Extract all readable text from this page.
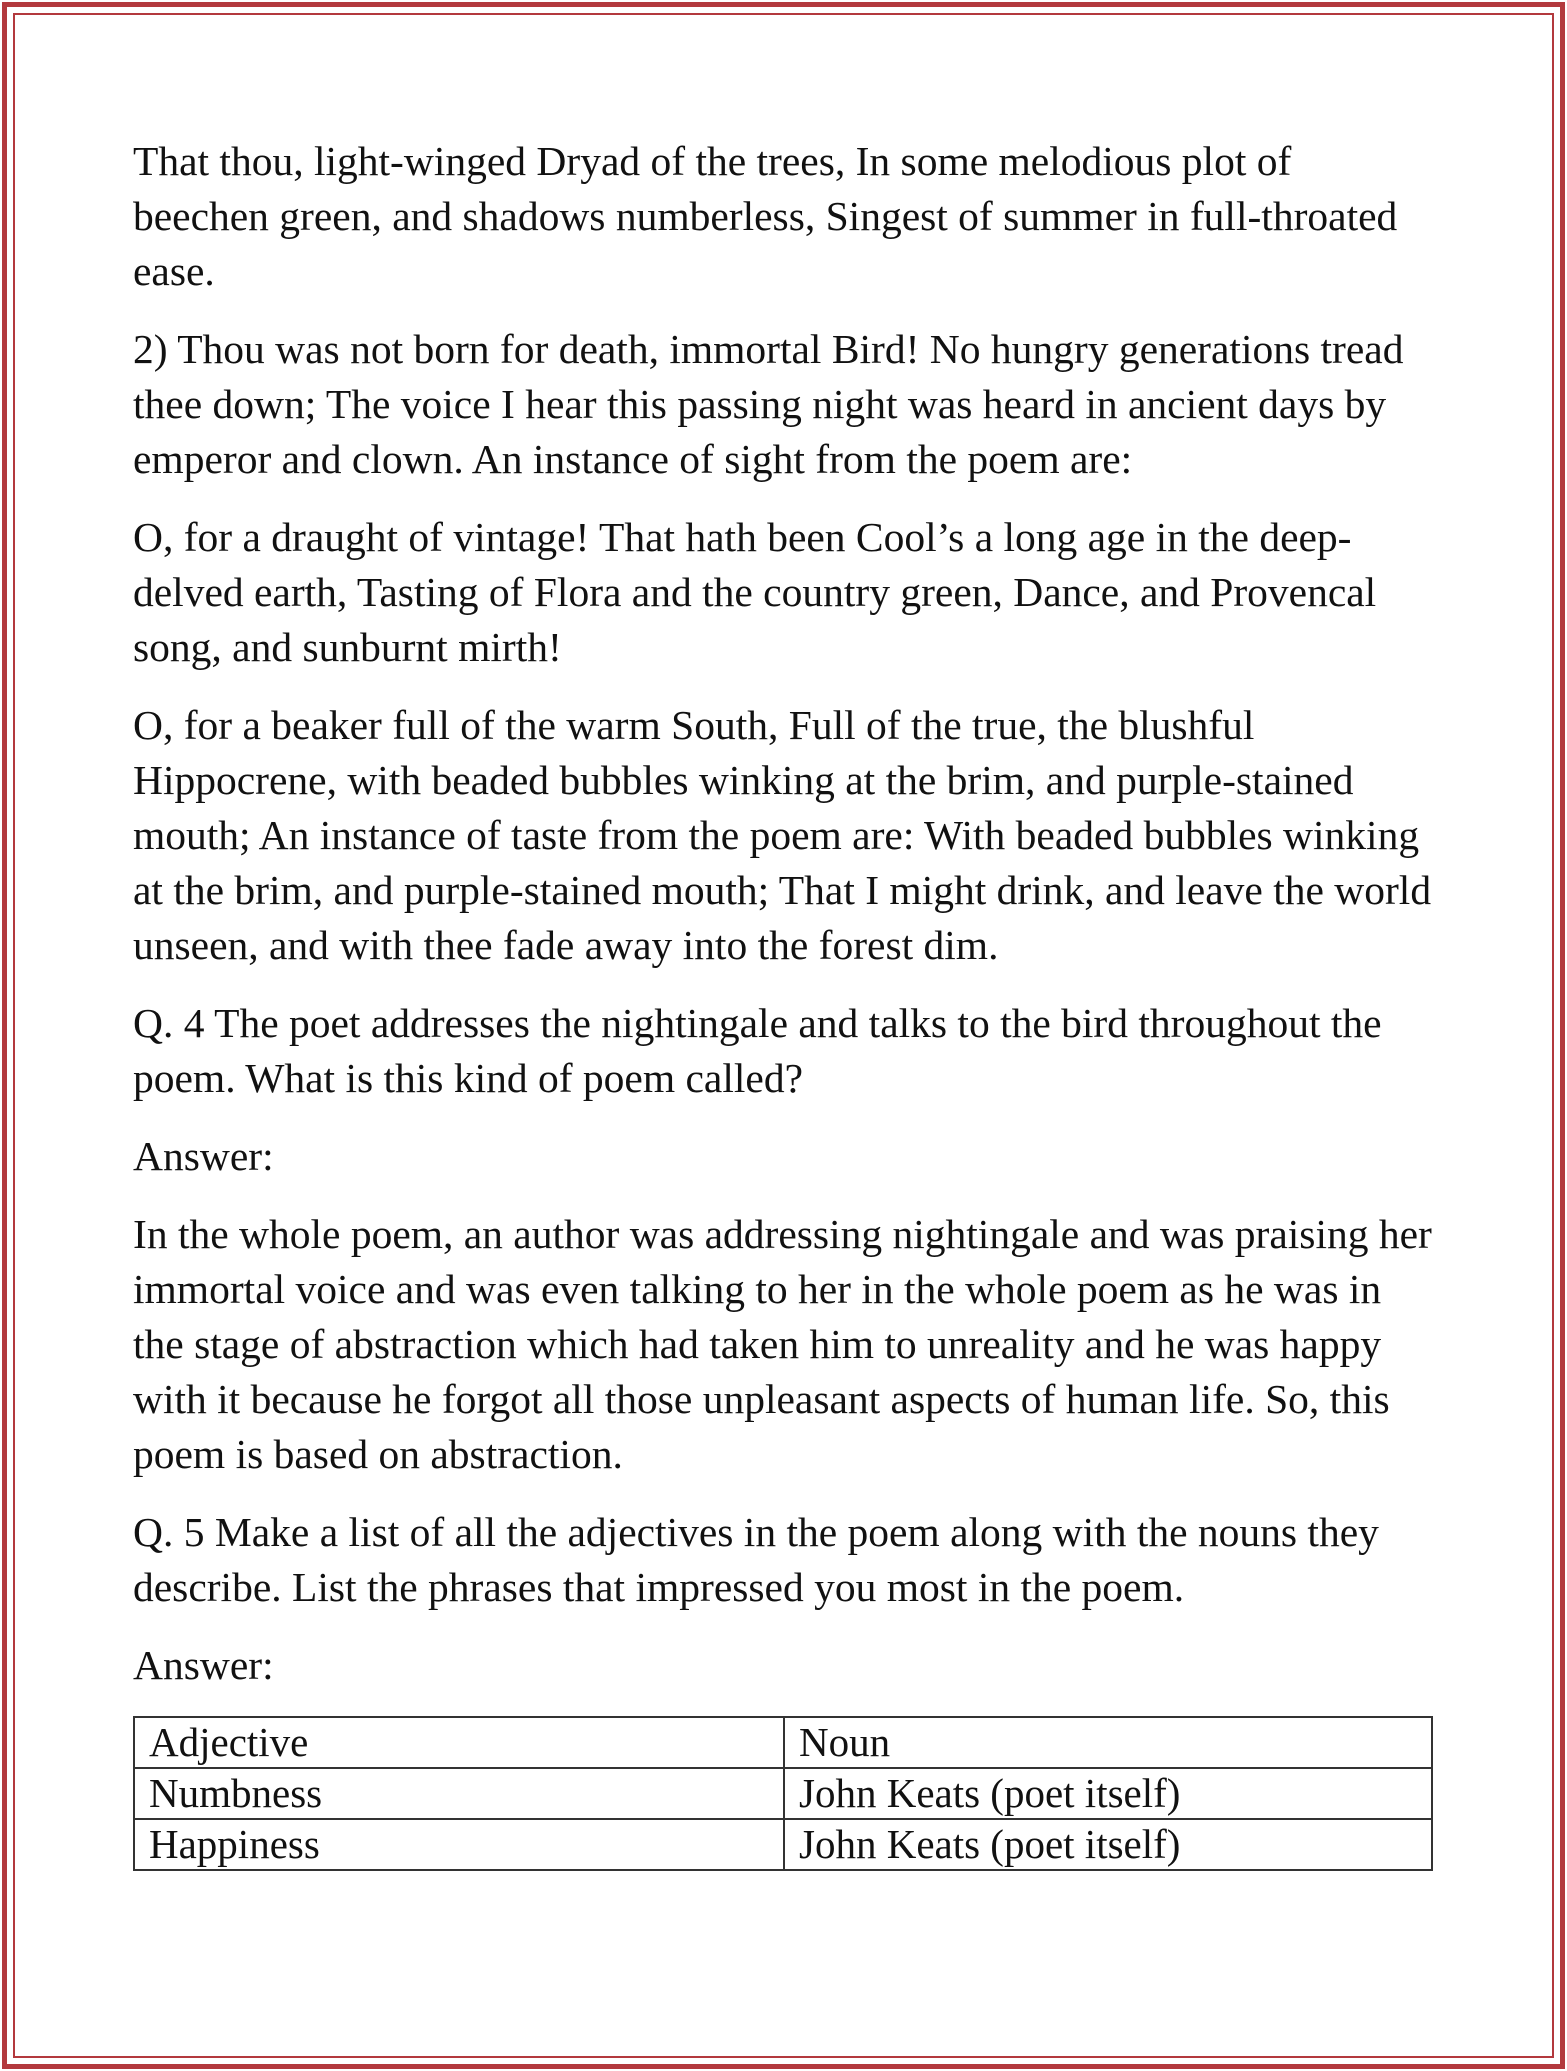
That thou, light-winged Dryad of the trees, In some melodious plot of beechen green, and shadows numberless, Singest of summer in full-throated ease.

2) Thou was not born for death, immortal Bird! No hungry generations tread thee down; The voice I hear this passing night was heard in ancient days by emperor and clown. An instance of sight from the poem are:

O, for a draught of vintage! That hath been Cool’s a long age in the deep-delved earth, Tasting of Flora and the country green, Dance, and Provencal song, and sunburnt mirth!

O, for a beaker full of the warm South, Full of the true, the blushful Hippocrene, with beaded bubbles winking at the brim, and purple-stained mouth; An instance of taste from the poem are: With beaded bubbles winking at the brim, and purple-stained mouth; That I might drink, and leave the world unseen, and with thee fade away into the forest dim.

Q. 4 The poet addresses the nightingale and talks to the bird throughout the poem. What is this kind of poem called?

Answer:

In the whole poem, an author was addressing nightingale and was praising her immortal voice and was even talking to her in the whole poem as he was in the stage of abstraction which had taken him to unreality and he was happy with it because he forgot all those unpleasant aspects of human life. So, this poem is based on abstraction.

Q. 5 Make a list of all the adjectives in the poem along with the nouns they describe. List the phrases that impressed you most in the poem.

Answer:

Adjective	Noun
Numbness	John Keats (poet itself)
Happiness	John Keats (poet itself)
